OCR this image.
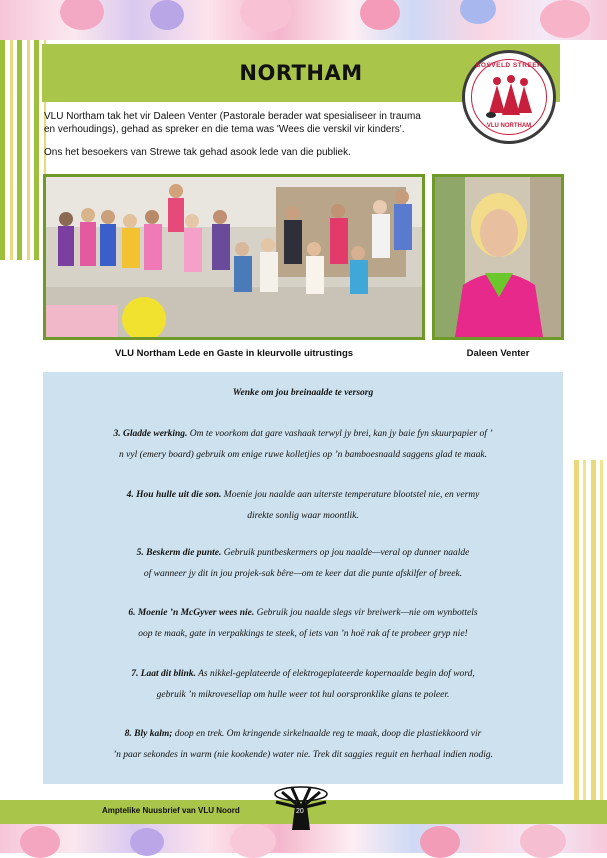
NORTHAM	BOSVELD STREEK
VLU NORTHAM
VLU Northam tak het vir Daleen Venter (Pastorale berader wat spesialiseer in trauma
en verhoudings), gehad as spreker en die tema was 'Wees die verskil vir kinders'.
Ons het besoekers van Strewe tak gehad asook lede van die publiek.
VLU Northam Lede en Gaste in kleurvolle uitrustings	Daleen Venter
Wenke om jou breinaalde te versorg
3. Gladde werking. Om te voorkom dat gare vashaak terwyl jy brei, kan jy baie fyn skuurpapier of ’
n vyl (emery board) gebruik om enige ruwe kolletjies op ’n bamboesnaald saggens glad te maak.
4. Hou hulle uit die son. Moenie jou naalde aan uiterste temperature blootstel nie, en vermy
direkte sonlig waar moontlik.
5. Beskerm die punte. Gebruik puntbeskermers op jou naalde—veral op dunner naalde
of wanneer jy dit in jou projek-sak bêre—om te keer dat die punte afskilfer of breek.
6. Moenie ’n McGyver wees nie. Gebruik jou naalde slegs vir breiwerk—nie om wynbottels
oop te maak, gate in verpakkings te steek, of iets van ’n hoë rak af te probeer gryp nie!
7. Laat dit blink. As nikkel-geplateerde of elektrogeplateerde kopernaalde begin dof word,
gebruik ’n mikrovesellap om hulle weer tot hul oorspronklike glans te poleer.
8. Bly kalm; doop en trek. Om kringende sirkelnaalde reg te maak, doop die plastiekkoord vir
’n paar sekondes in warm (nie kookende) water nie. Trek dit saggies reguit en herhaal indien nodig.
Amptelike Nuusbrief van VLU Noord	20
